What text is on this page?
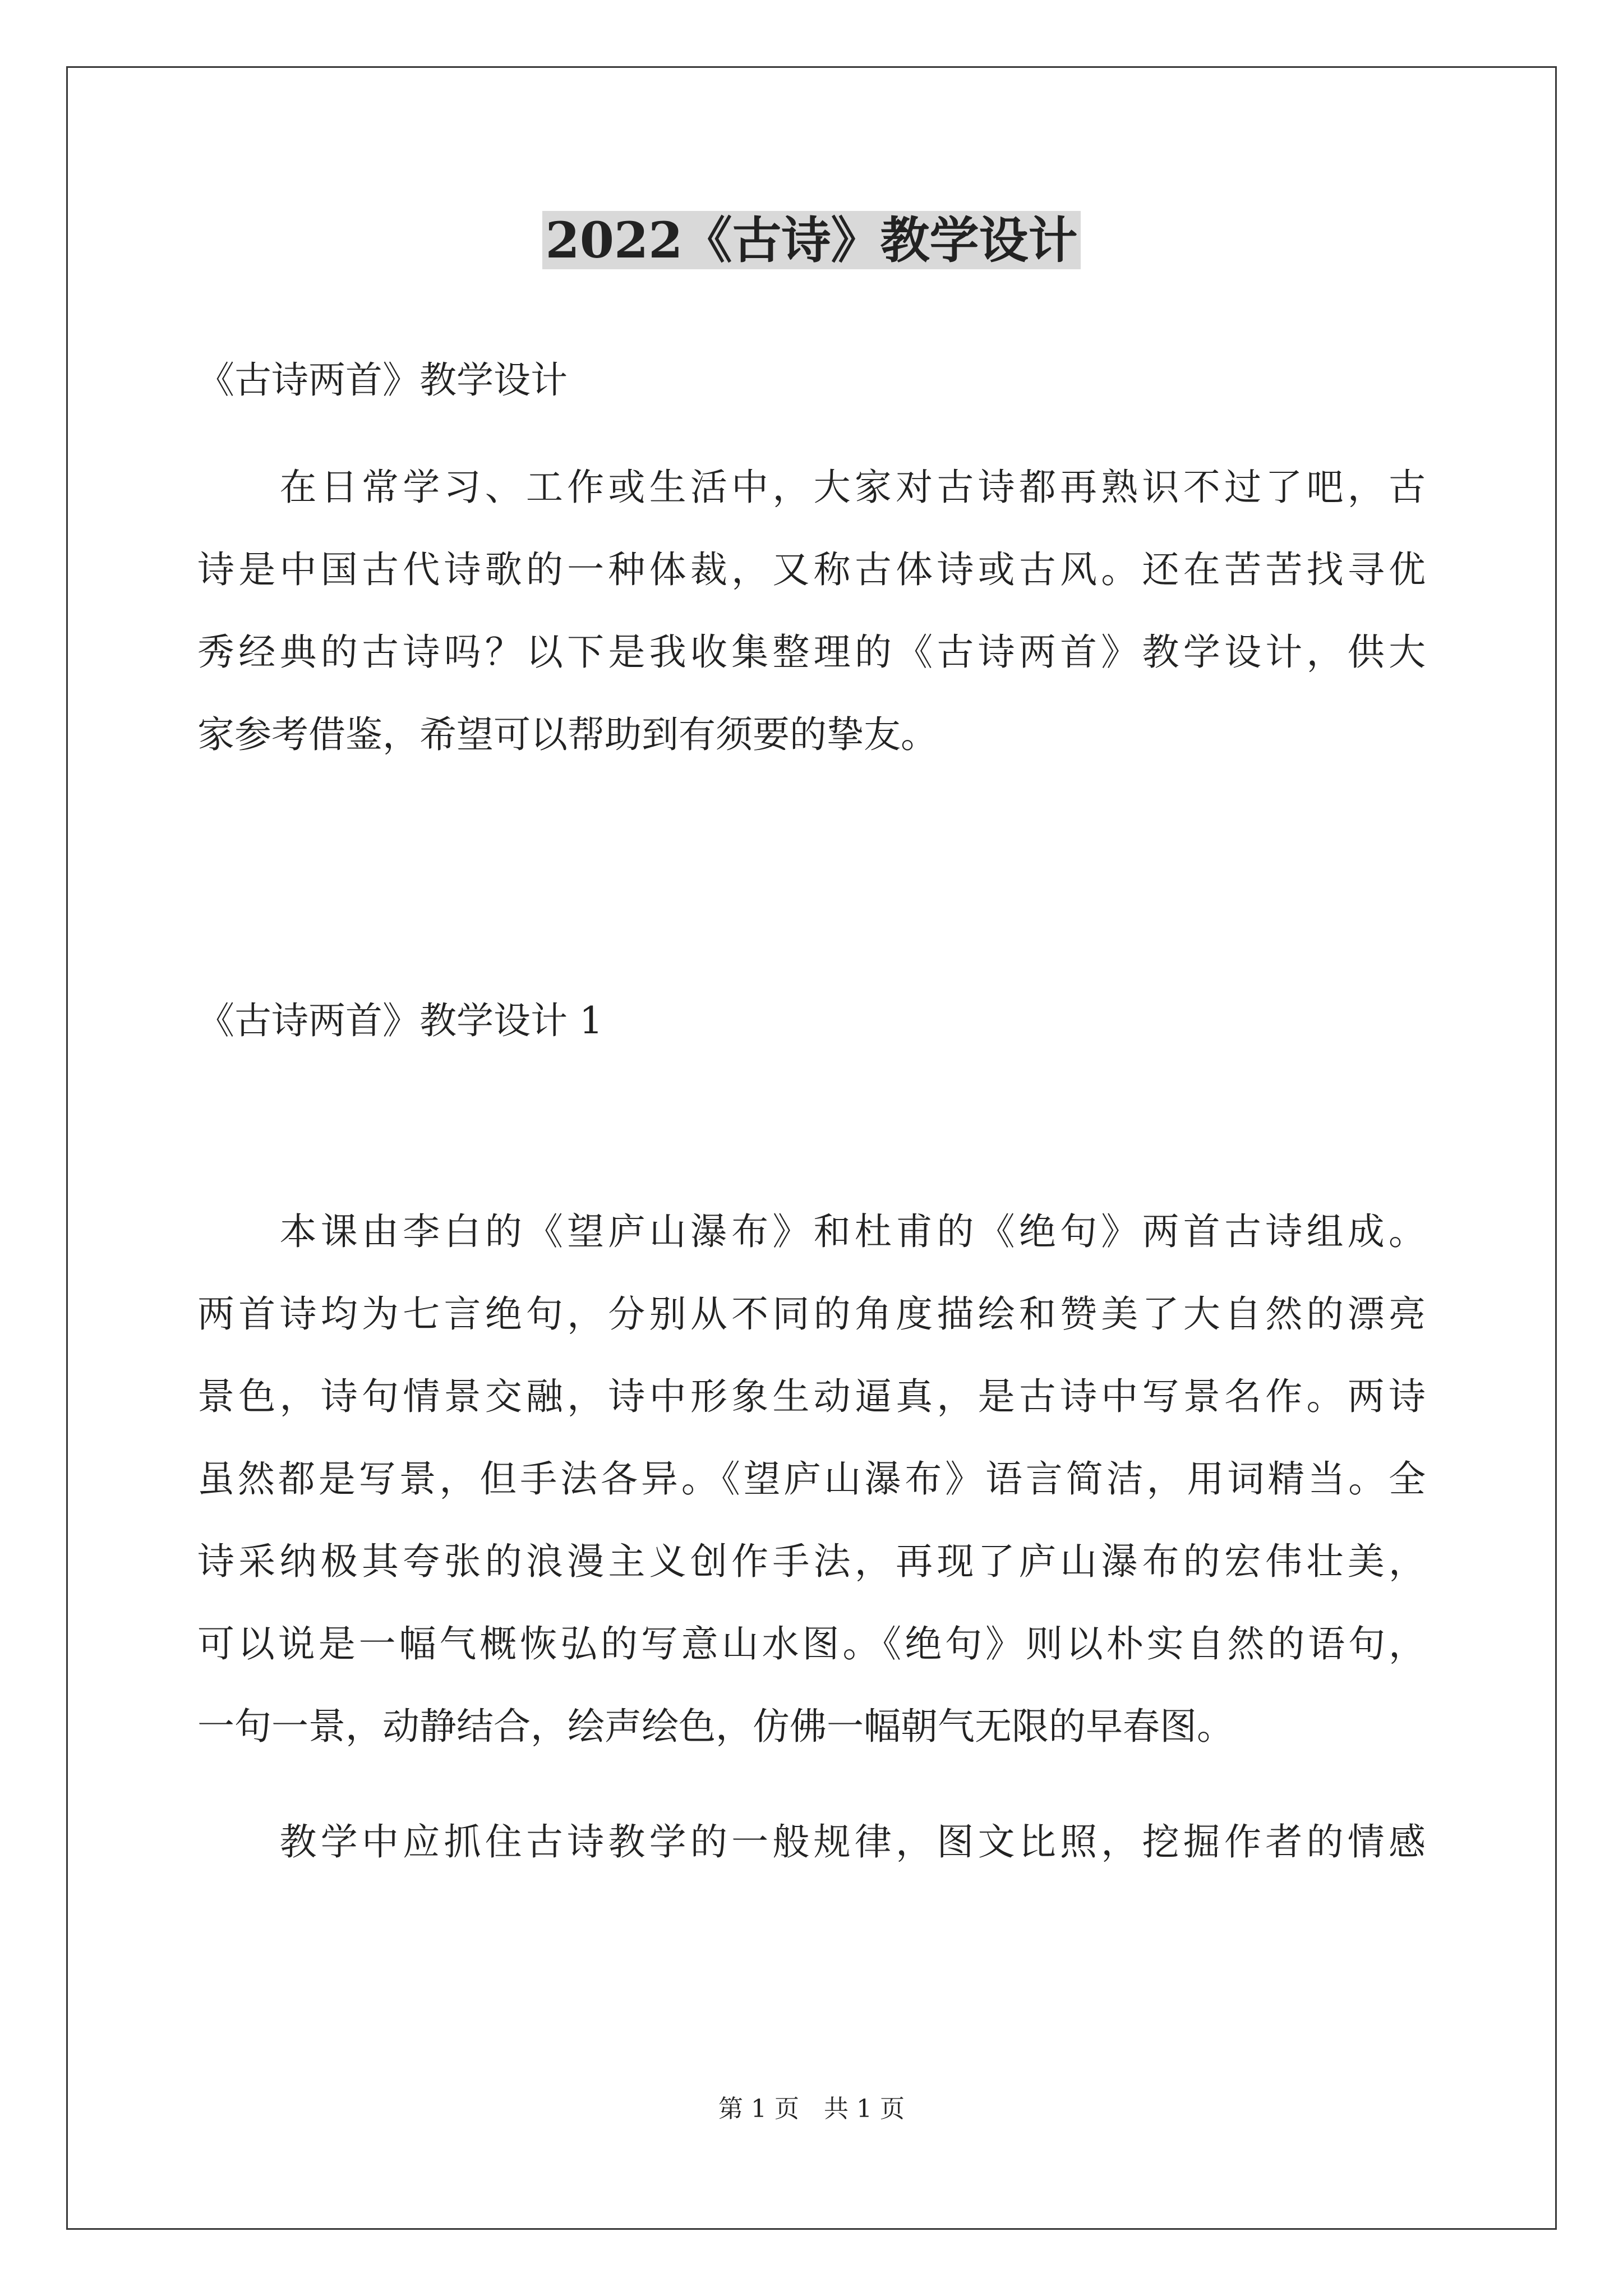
2022《古诗》教学设计
《古诗两首》教学设计
　　在日常学习、工作或生活中，大家对古诗都再熟识不过了吧，古
诗是中国古代诗歌的一种体裁，又称古体诗或古风。还在苦苦找寻优
秀经典的古诗吗？以下是我收集整理的《古诗两首》教学设计，供大
家参考借鉴，希望可以帮助到有须要的挚友。
《古诗两首》教学设计 1
　　本课由李白的《望庐山瀑布》和杜甫的《绝句》两首古诗组成。
两首诗均为七言绝句，分别从不同的角度描绘和赞美了大自然的漂亮
景色，诗句情景交融，诗中形象生动逼真，是古诗中写景名作。两诗
虽然都是写景，但手法各异。《望庐山瀑布》语言简洁，用词精当。全
诗采纳极其夸张的浪漫主义创作手法，再现了庐山瀑布的宏伟壮美，
可以说是一幅气概恢弘的写意山水图。《绝句》则以朴实自然的语句，
一句一景，动静结合，绘声绘色，仿佛一幅朝气无限的早春图。
　　教学中应抓住古诗教学的一般规律，图文比照，挖掘作者的情感
第 1 页　共 1 页
